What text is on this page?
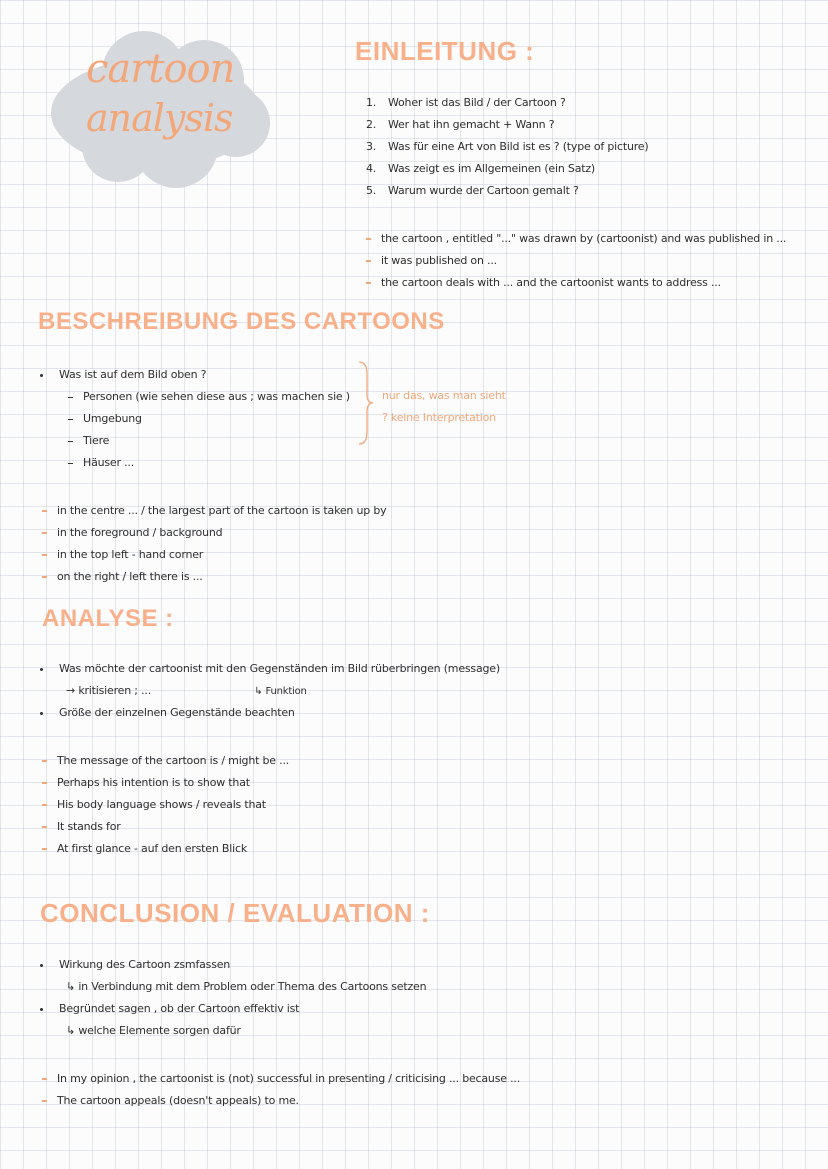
cartoon
analysis
EINLEITUNG :
1. Woher ist das Bild / der Cartoon ?
2. Wer hat ihn gemacht + Wann ?
3. Was für eine Art von Bild ist es ? (type of picture)
4. Was zeigt es im Allgemeinen (ein Satz)
5. Warum wurde der Cartoon gemalt ?
the cartoon , entitled "..." was drawn by (cartoonist) and was published in ...
it was published on ...
the cartoon deals with ... and the cartoonist wants to address ...
BESCHREIBUNG DES CARTOONS
Was ist auf dem Bild oben ?
Personen (wie sehen diese aus ; was machen sie )
Umgebung
Tiere
Häuser ...
nur das, was man sieht
? keine Interpretation
in the centre ... / the largest part of the cartoon is taken up by
in the foreground / background
in the top left - hand corner
on the right / left there is ...
ANALYSE :
Was möchte der cartoonist mit den Gegenständen im Bild rüberbringen (message)
→ kritisieren ; ...	↳ Funktion
Größe der einzelnen Gegenstände beachten
The message of the cartoon is / might be ...
Perhaps his intention is to show that
His body language shows / reveals that
It stands for
At first glance - auf den ersten Blick
CONCLUSION / EVALUATION :
Wirkung des Cartoon zsmfassen
↳ in Verbindung mit dem Problem oder Thema des Cartoons setzen
Begründet sagen , ob der Cartoon effektiv ist
↳ welche Elemente sorgen dafür
In my opinion , the cartoonist is (not) successful in presenting / criticising ... because ...
The cartoon appeals (doesn't appeals) to me.
